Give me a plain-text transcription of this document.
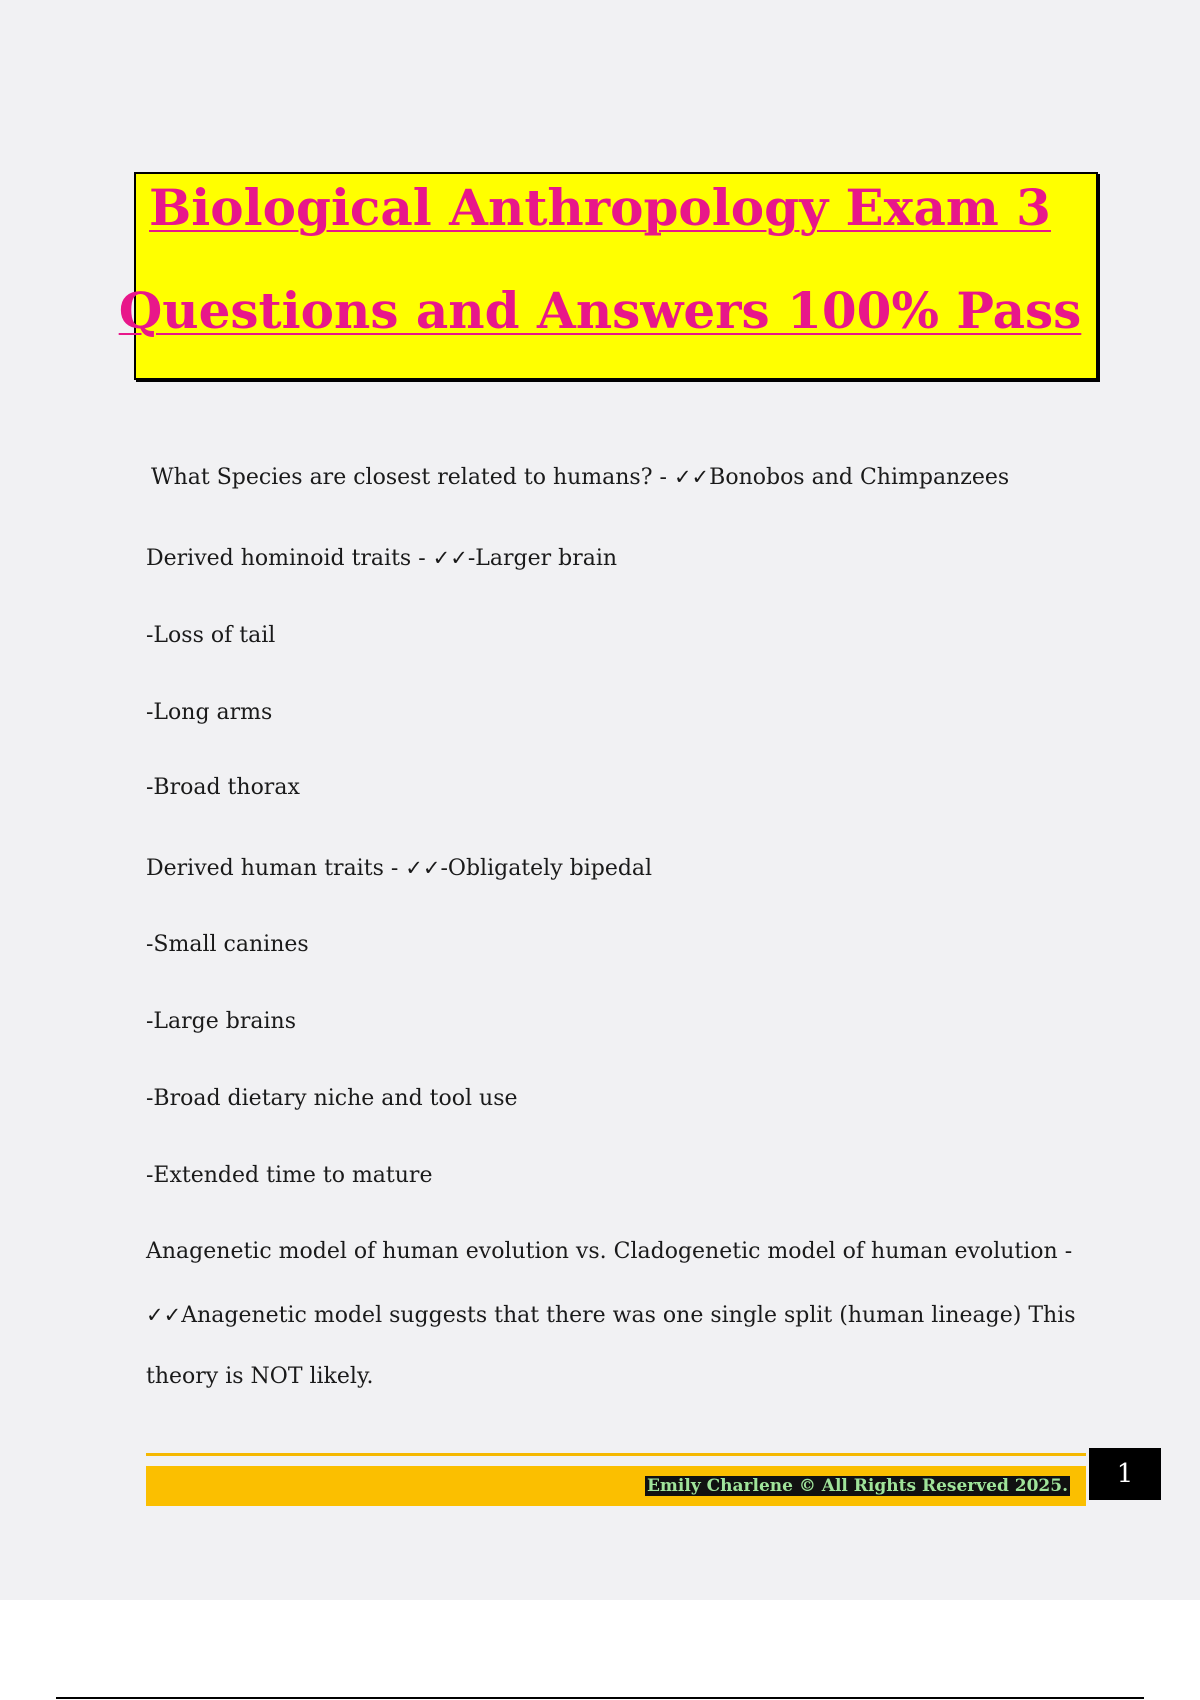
Biological Anthropology Exam 3
Questions and Answers 100% Pass
What Species are closest related to humans? - ✓✓Bonobos and Chimpanzees
Derived hominoid traits - ✓✓-Larger brain
-Loss of tail
-Long arms
-Broad thorax
Derived human traits - ✓✓-Obligately bipedal
-Small canines
-Large brains
-Broad dietary niche and tool use
-Extended time to mature
Anagenetic model of human evolution vs. Cladogenetic model of human evolution -
✓✓Anagenetic model suggests that there was one single split (human lineage) This
theory is NOT likely.
Emily Charlene © All Rights Reserved 2025.	1
